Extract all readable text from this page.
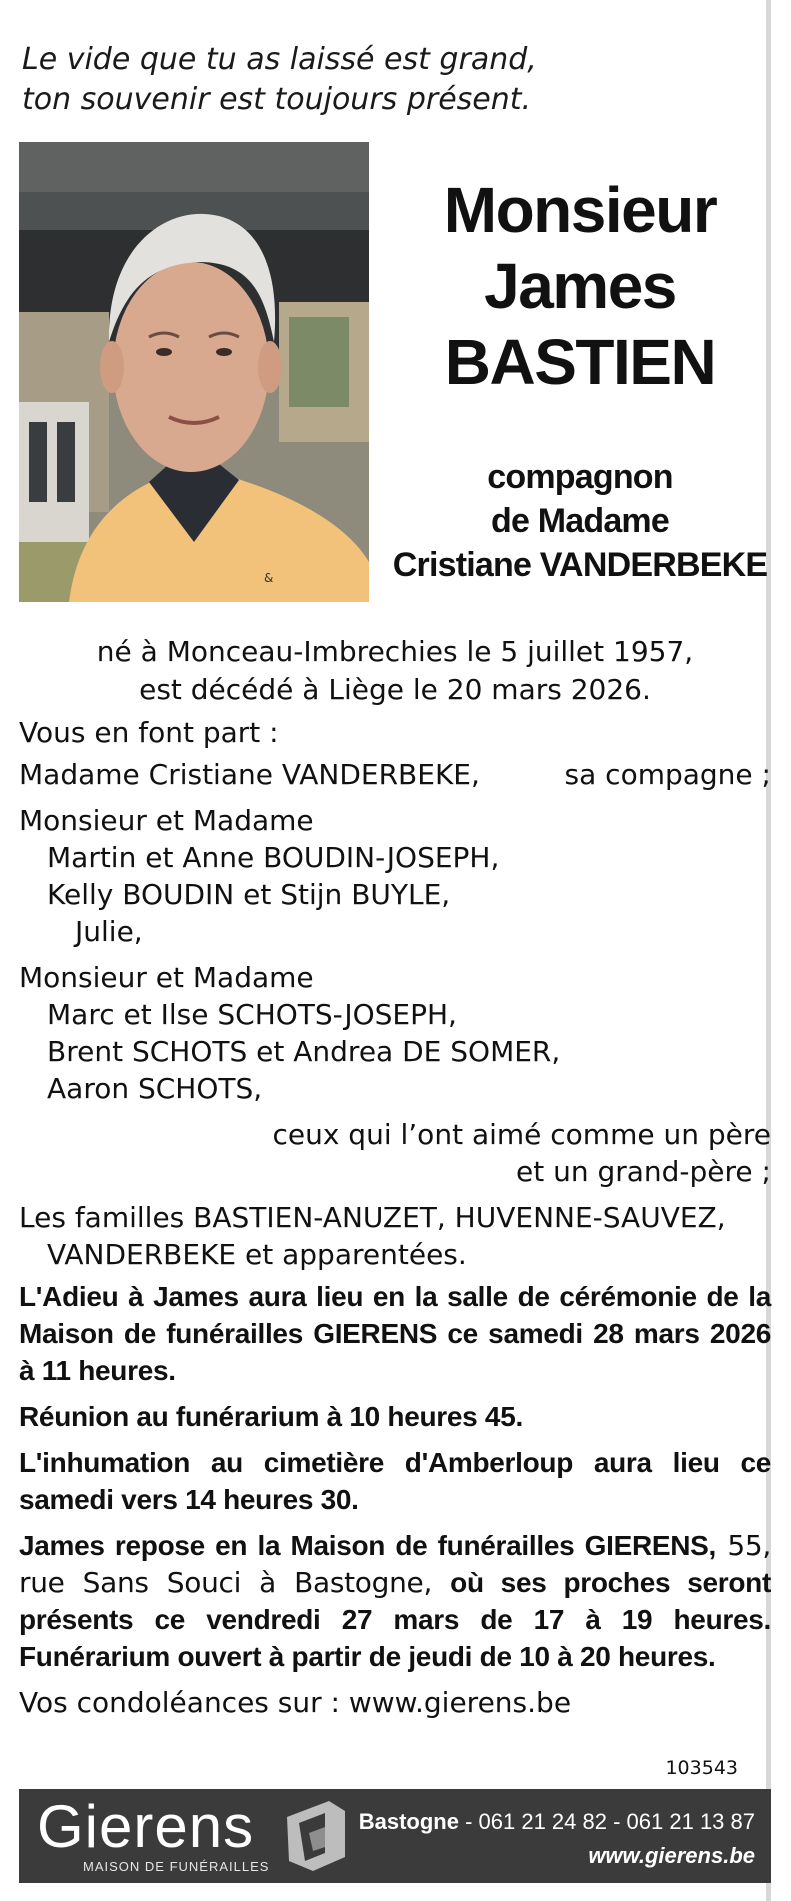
Le vide que tu as laissé est grand,
ton souvenir est toujours présent.
&
Monsieur
James
BASTIEN
compagnon
de Madame
Cristiane VANDERBEKE
né à Monceau-Imbrechies le 5 juillet 1957,
est décédé à Liège le 20 mars 2026.

Vous en font part :

Madame Cristiane VANDERBEKE,	sa compagne ;

Monsieur et Madame

Martin et Anne BOUDIN-JOSEPH,

Kelly BOUDIN et Stijn BUYLE,

Julie,

Monsieur et Madame

Marc et Ilse SCHOTS-JOSEPH,

Brent SCHOTS et Andrea DE SOMER,

Aaron SCHOTS,

ceux qui l’ont aimé comme un père

et un grand-père ;

Les familles BASTIEN-ANUZET, HUVENNE-SAUVEZ,

VANDERBEKE et apparentées.

L'Adieu à James aura lieu en la salle de cérémonie de la Maison de funérailles GIERENS ce samedi 28 mars 2026 à 11 heures.

Réunion au funérarium à 10 heures 45.

L'inhumation au cimetière d'Amberloup aura lieu ce samedi vers 14 heures 30.

James repose en la Maison de funérailles GIERENS, 55, rue Sans Souci à Bastogne, où ses proches seront présents ce vendredi 27 mars de 17 à 19 heures. Funérarium ouvert à partir de jeudi de 10 à 20 heures.

Vos condoléances sur : www.gierens.be

103543
Gierens
MAISON DE FUNÉRAILLES
Bastogne - 061 21 24 82 - 061 21 13 87
www.gierens.be
